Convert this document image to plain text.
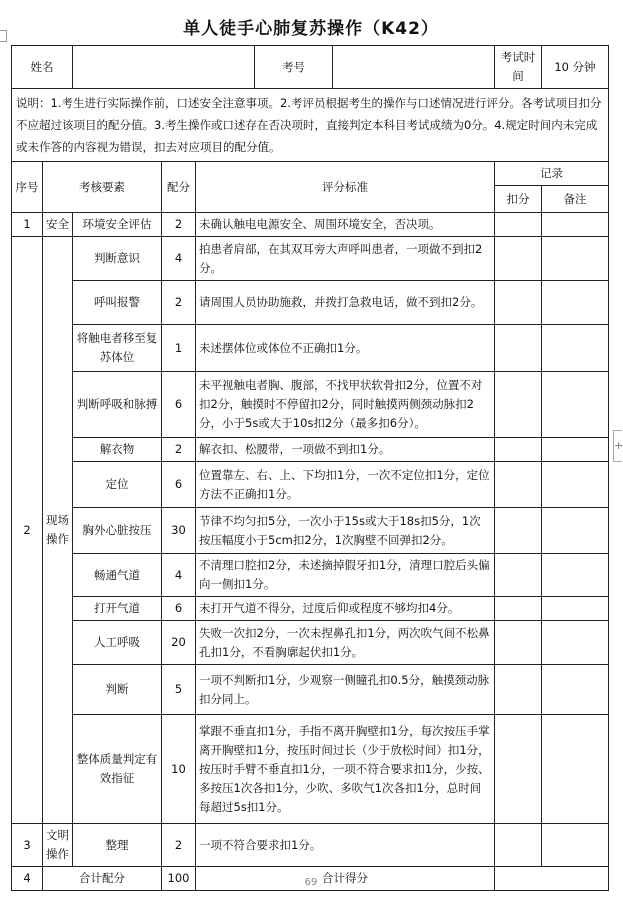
单人徒手心肺复苏操作（K42）
+
姓名					考号		考试时间	10 分钟
说明：1.考生进行实际操作前，口述安全注意事项。2.考评员根据考生的操作与口述情况进行评分。各考试项目扣分不应超过该项目的配分值。3.考生操作或口述存在否决项时，直接判定本科目考试成绩为0分。4.规定时间内未完成或未作答的内容视为错误，扣去对应项目的配分值。								
序号	考核要素		配分	评分标准			记录	
							扣分	备注
1	安全	环境安全评估	2	未确认触电电源安全、周围环境安全，否决项。				
2	现场操作	判断意识	4	拍患者肩部，在其双耳旁大声呼叫患者，一项做不到扣2分。				
		呼叫报警	2	请周围人员协助施救，并拨打急救电话，做不到扣2分。				
		将触电者移至复苏体位	1	未述摆体位或体位不正确扣1分。				
		判断呼吸和脉搏	6	未平视触电者胸、腹部，不找甲状软骨扣2分，位置不对扣2分，触摸时不停留扣2分，同时触摸两侧颈动脉扣2分，小于5s或大于10s扣2分（最多扣6分）。				
		解衣物	2	解衣扣、松腰带，一项做不到扣1分。				
		定位	6	位置靠左、右、上、下均扣1分，一次不定位扣1分，定位方法不正确扣1分。				
		胸外心脏按压	30	节律不均匀扣5分，一次小于15s或大于18s扣5分，1次按压幅度小于5cm扣2分，1次胸壁不回弹扣2分。				
		畅通气道	4	不清理口腔扣2分，未述摘掉假牙扣1分，清理口腔后头偏向一侧扣1分。				
		打开气道	6	未打开气道不得分，过度后仰或程度不够均扣4分。				
		人工呼吸	20	失败一次扣2分，一次未捏鼻孔扣1分，两次吹气间不松鼻孔扣1分，不看胸廓起伏扣1分。				
		判断	5	一项不判断扣1分，少观察一侧瞳孔扣0.5分，触摸颈动脉扣分同上。				
		整体质量判定有效指征	10	掌跟不垂直扣1分，手指不离开胸壁扣1分，每次按压手掌离开胸壁扣1分，按压时间过长（少于放松时间）扣1分，按压时手臂不垂直扣1分，一项不符合要求扣1分，少按、多按压1次各扣1分，少吹、多吹气1次各扣1分，总时间每超过5s扣1分。				
3	文明操作	整理	2	一项不符合要求扣1分。				
4	合计配分		100	合计得分				
69
